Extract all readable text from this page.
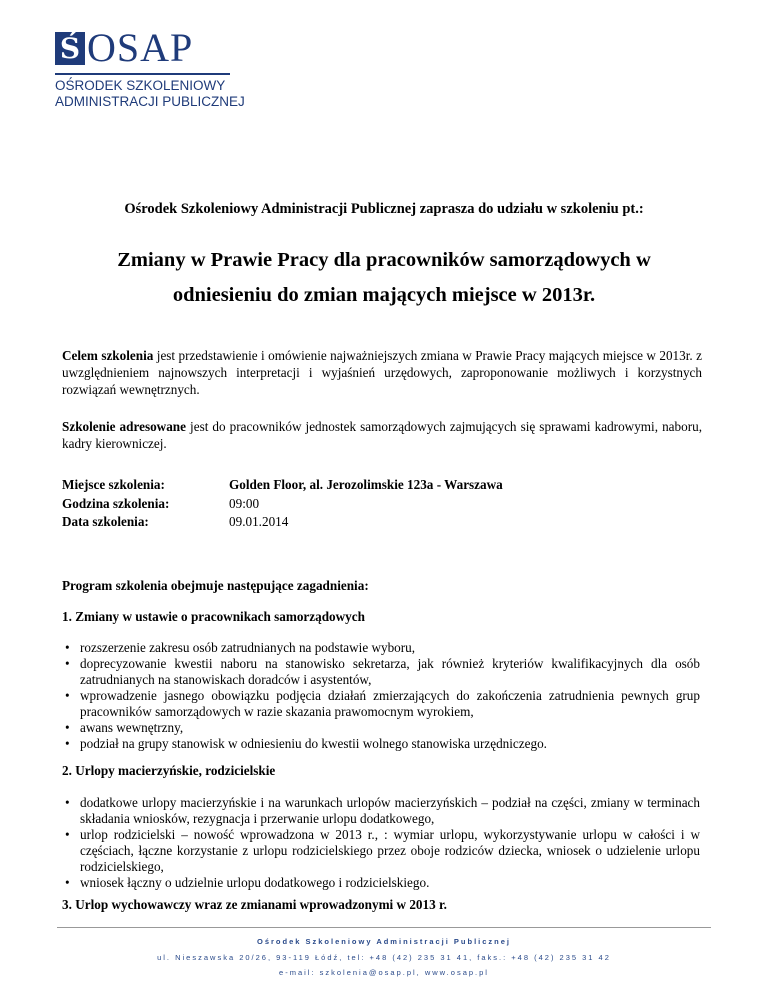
Ś OSAP
OŚRODEK SZKOLENIOWY
ADMINISTRACJI PUBLICZNEJ
Ośrodek Szkoleniowy Administracji Publicznej zaprasza do udziału w szkoleniu pt.:
Zmiany w Prawie Pracy dla pracowników samorządowych w
odniesieniu do zmian mających miejsce w 2013r.
Celem szkolenia jest przedstawienie i omówienie najważniejszych zmiana w Prawie Pracy mających miejsce w 2013r. z uwzględnieniem najnowszych interpretacji i wyjaśnień urzędowych, zaproponowanie możliwych i korzystnych rozwiązań wewnętrznych.
Szkolenie adresowane jest do pracowników jednostek samorządowych zajmujących się sprawami kadrowymi, naboru, kadry kierowniczej.
Miejsce szkolenia:	Golden Floor, al. Jerozolimskie 123a - Warszawa
Godzina szkolenia:	09:00
Data szkolenia:	09.01.2014
Program szkolenia obejmuje następujące zagadnienia:
1. Zmiany w ustawie o pracownikach samorządowych
• rozszerzenie zakresu osób zatrudnianych na podstawie wyboru,
• doprecyzowanie kwestii naboru na stanowisko sekretarza, jak również kryteriów kwalifikacyjnych dla osób zatrudnianych na stanowiskach doradców i asystentów,
• wprowadzenie jasnego obowiązku podjęcia działań zmierzających do zakończenia zatrudnienia pewnych grup pracowników samorządowych w razie skazania prawomocnym wyrokiem,
• awans wewnętrzny,
• podział na grupy stanowisk w odniesieniu do kwestii wolnego stanowiska urzędniczego.
2. Urlopy macierzyńskie, rodzicielskie
• dodatkowe urlopy macierzyńskie i na warunkach urlopów macierzyńskich – podział na części, zmiany w terminach składania wniosków, rezygnacja i przerwanie urlopu dodatkowego,
• urlop rodzicielski – nowość wprowadzona w 2013 r., : wymiar urlopu, wykorzystywanie urlopu w całości i w częściach, łączne korzystanie z urlopu rodzicielskiego przez oboje rodziców dziecka, wniosek o udzielenie urlopu rodzicielskiego,
• wniosek łączny o udzielnie urlopu dodatkowego i rodzicielskiego.
3. Urlop wychowawczy wraz ze zmianami wprowadzonymi w 2013 r.
Ośrodek Szkoleniowy Administracji Publicznej
ul. Nieszawska 20/26, 93-119 Łódź, tel: +48 (42) 235 31 41, faks.: +48 (42) 235 31 42
e-mail: szkolenia@osap.pl, www.osap.pl
